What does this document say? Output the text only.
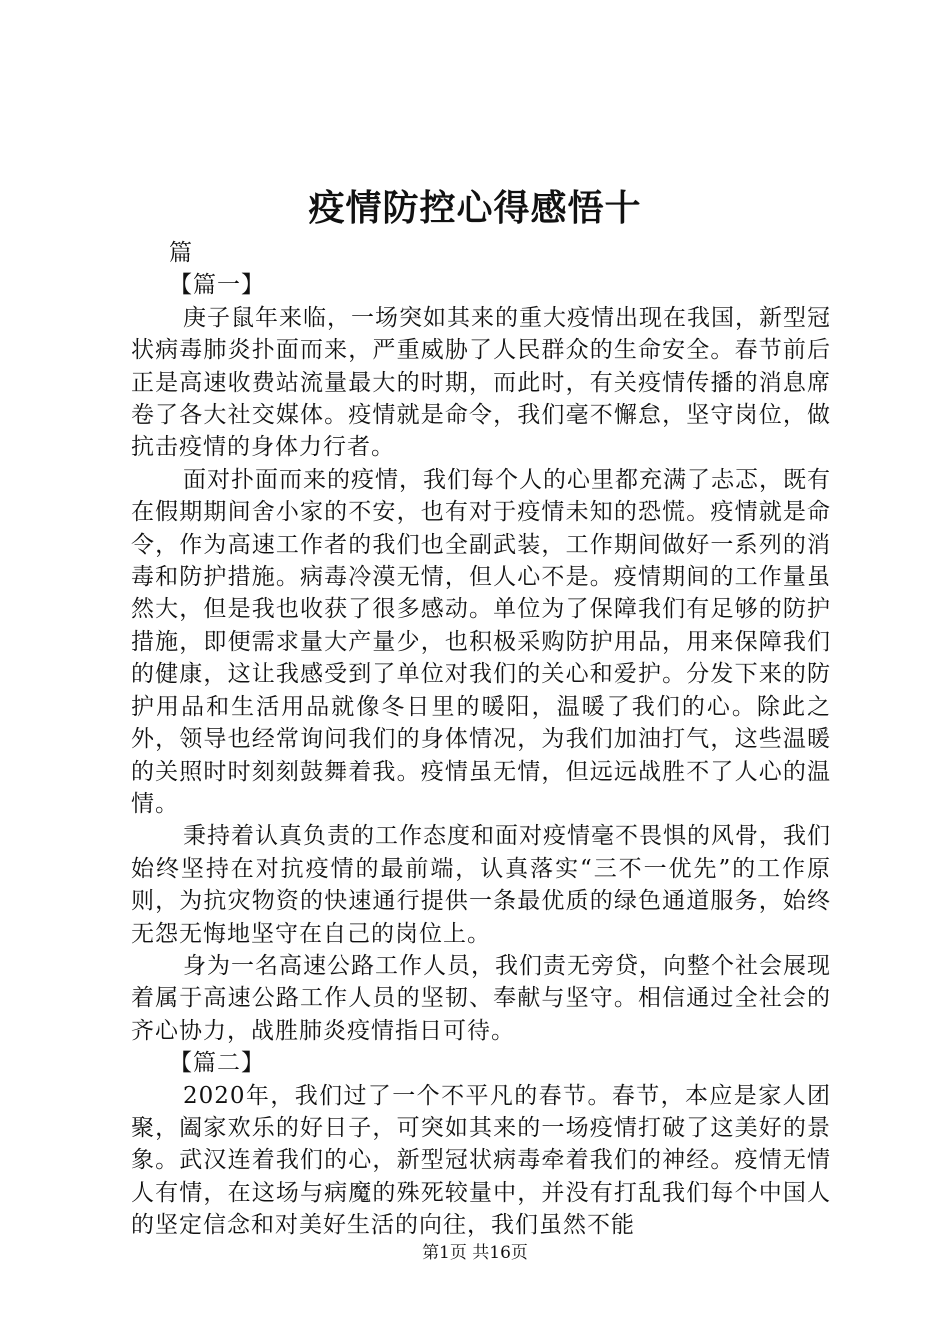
疫情防控心得感悟十

篇

【篇一】

庚子鼠年来临，一场突如其来的重大疫情出现在我国，新型冠状病毒肺炎扑面而来，严重威胁了人民群众的生命安全。春节前后正是高速收费站流量最大的时期，而此时，有关疫情传播的消息席卷了各大社交媒体。疫情就是命令，我们毫不懈怠，坚守岗位，做抗击疫情的身体力行者。

面对扑面而来的疫情，我们每个人的心里都充满了忐忑，既有在假期期间舍小家的不安，也有对于疫情未知的恐慌。疫情就是命令，作为高速工作者的我们也全副武装，工作期间做好一系列的消毒和防护措施。病毒冷漠无情，但人心不是。疫情期间的工作量虽然大，但是我也收获了很多感动。单位为了保障我们有足够的防护措施，即便需求量大产量少，也积极采购防护用品，用来保障我们的健康，这让我感受到了单位对我们的关心和爱护。分发下来的防护用品和生活用品就像冬日里的暖阳，温暖了我们的心。除此之外，领导也经常询问我们的身体情况，为我们加油打气，这些温暖的关照时时刻刻鼓舞着我。疫情虽无情，但远远战胜不了人心的温情。

秉持着认真负责的工作态度和面对疫情毫不畏惧的风骨，我们始终坚持在对抗疫情的最前端，认真落实“三不一优先”的工作原则，为抗灾物资的快速通行提供一条最优质的绿色通道服务，始终无怨无悔地坚守在自己的岗位上。

身为一名高速公路工作人员，我们责无旁贷，向整个社会展现着属于高速公路工作人员的坚韧、奉献与坚守。相信通过全社会的齐心协力，战胜肺炎疫情指日可待。

【篇二】

2020年，我们过了一个不平凡的春节。春节，本应是家人团聚，阖家欢乐的好日子，可突如其来的一场疫情打破了这美好的景象。武汉连着我们的心，新型冠状病毒牵着我们的神经。疫情无情人有情，在这场与病魔的殊死较量中，并没有打乱我们每个中国人的坚定信念和对美好生活的向往，我们虽然不能

第1页 共16页
